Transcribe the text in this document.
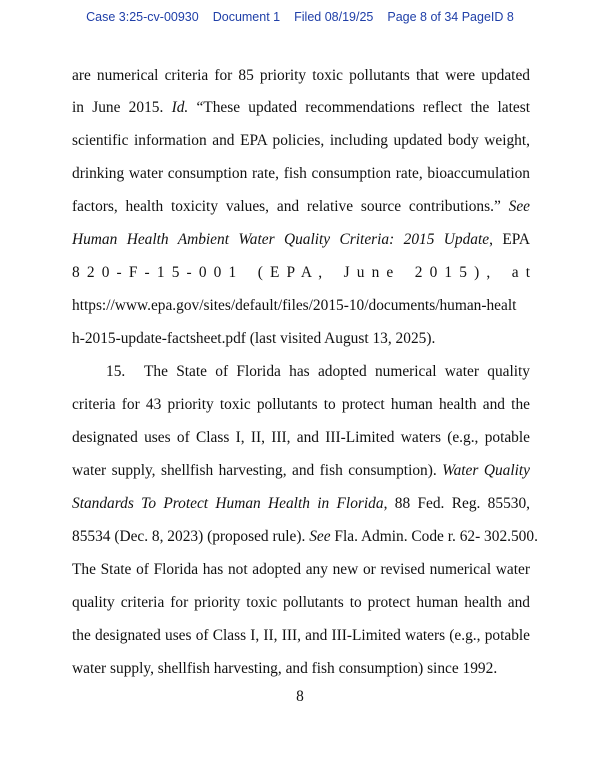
Case 3:25-cv-00930 Document 1 Filed 08/19/25 Page 8 of 34 PageID 8
are numerical criteria for 85 priority toxic pollutants that were updated
in June 2015. Id. “These updated recommendations reflect the latest
scientific information and EPA policies, including updated body weight,
drinking water consumption rate, fish consumption rate, bioaccumulation
factors, health toxicity values, and relative source contributions.” See
Human Health Ambient Water Quality Criteria: 2015 Update, EPA
8 2 0 - F - 1 5 - 0 0 1   ( E P A ,   J u n e   2 0 1 5 ) ,   a t
https://www.epa.gov/sites/default/files/2015-10/documents/human-healt
h-2015-update-factsheet.pdf (last visited August 13, 2025).
15. The State of Florida has adopted numerical water quality
criteria for 43 priority toxic pollutants to protect human health and the
designated uses of Class I, II, III, and III-Limited waters (e.g., potable
water supply, shellfish harvesting, and fish consumption). Water Quality
Standards To Protect Human Health in Florida, 88 Fed. Reg. 85530,
85534 (Dec. 8, 2023) (proposed rule). See Fla. Admin. Code r. 62- 302.500.
The State of Florida has not adopted any new or revised numerical water
quality criteria for priority toxic pollutants to protect human health and
the designated uses of Class I, II, III, and III-Limited waters (e.g., potable
water supply, shellfish harvesting, and fish consumption) since 1992.
8
